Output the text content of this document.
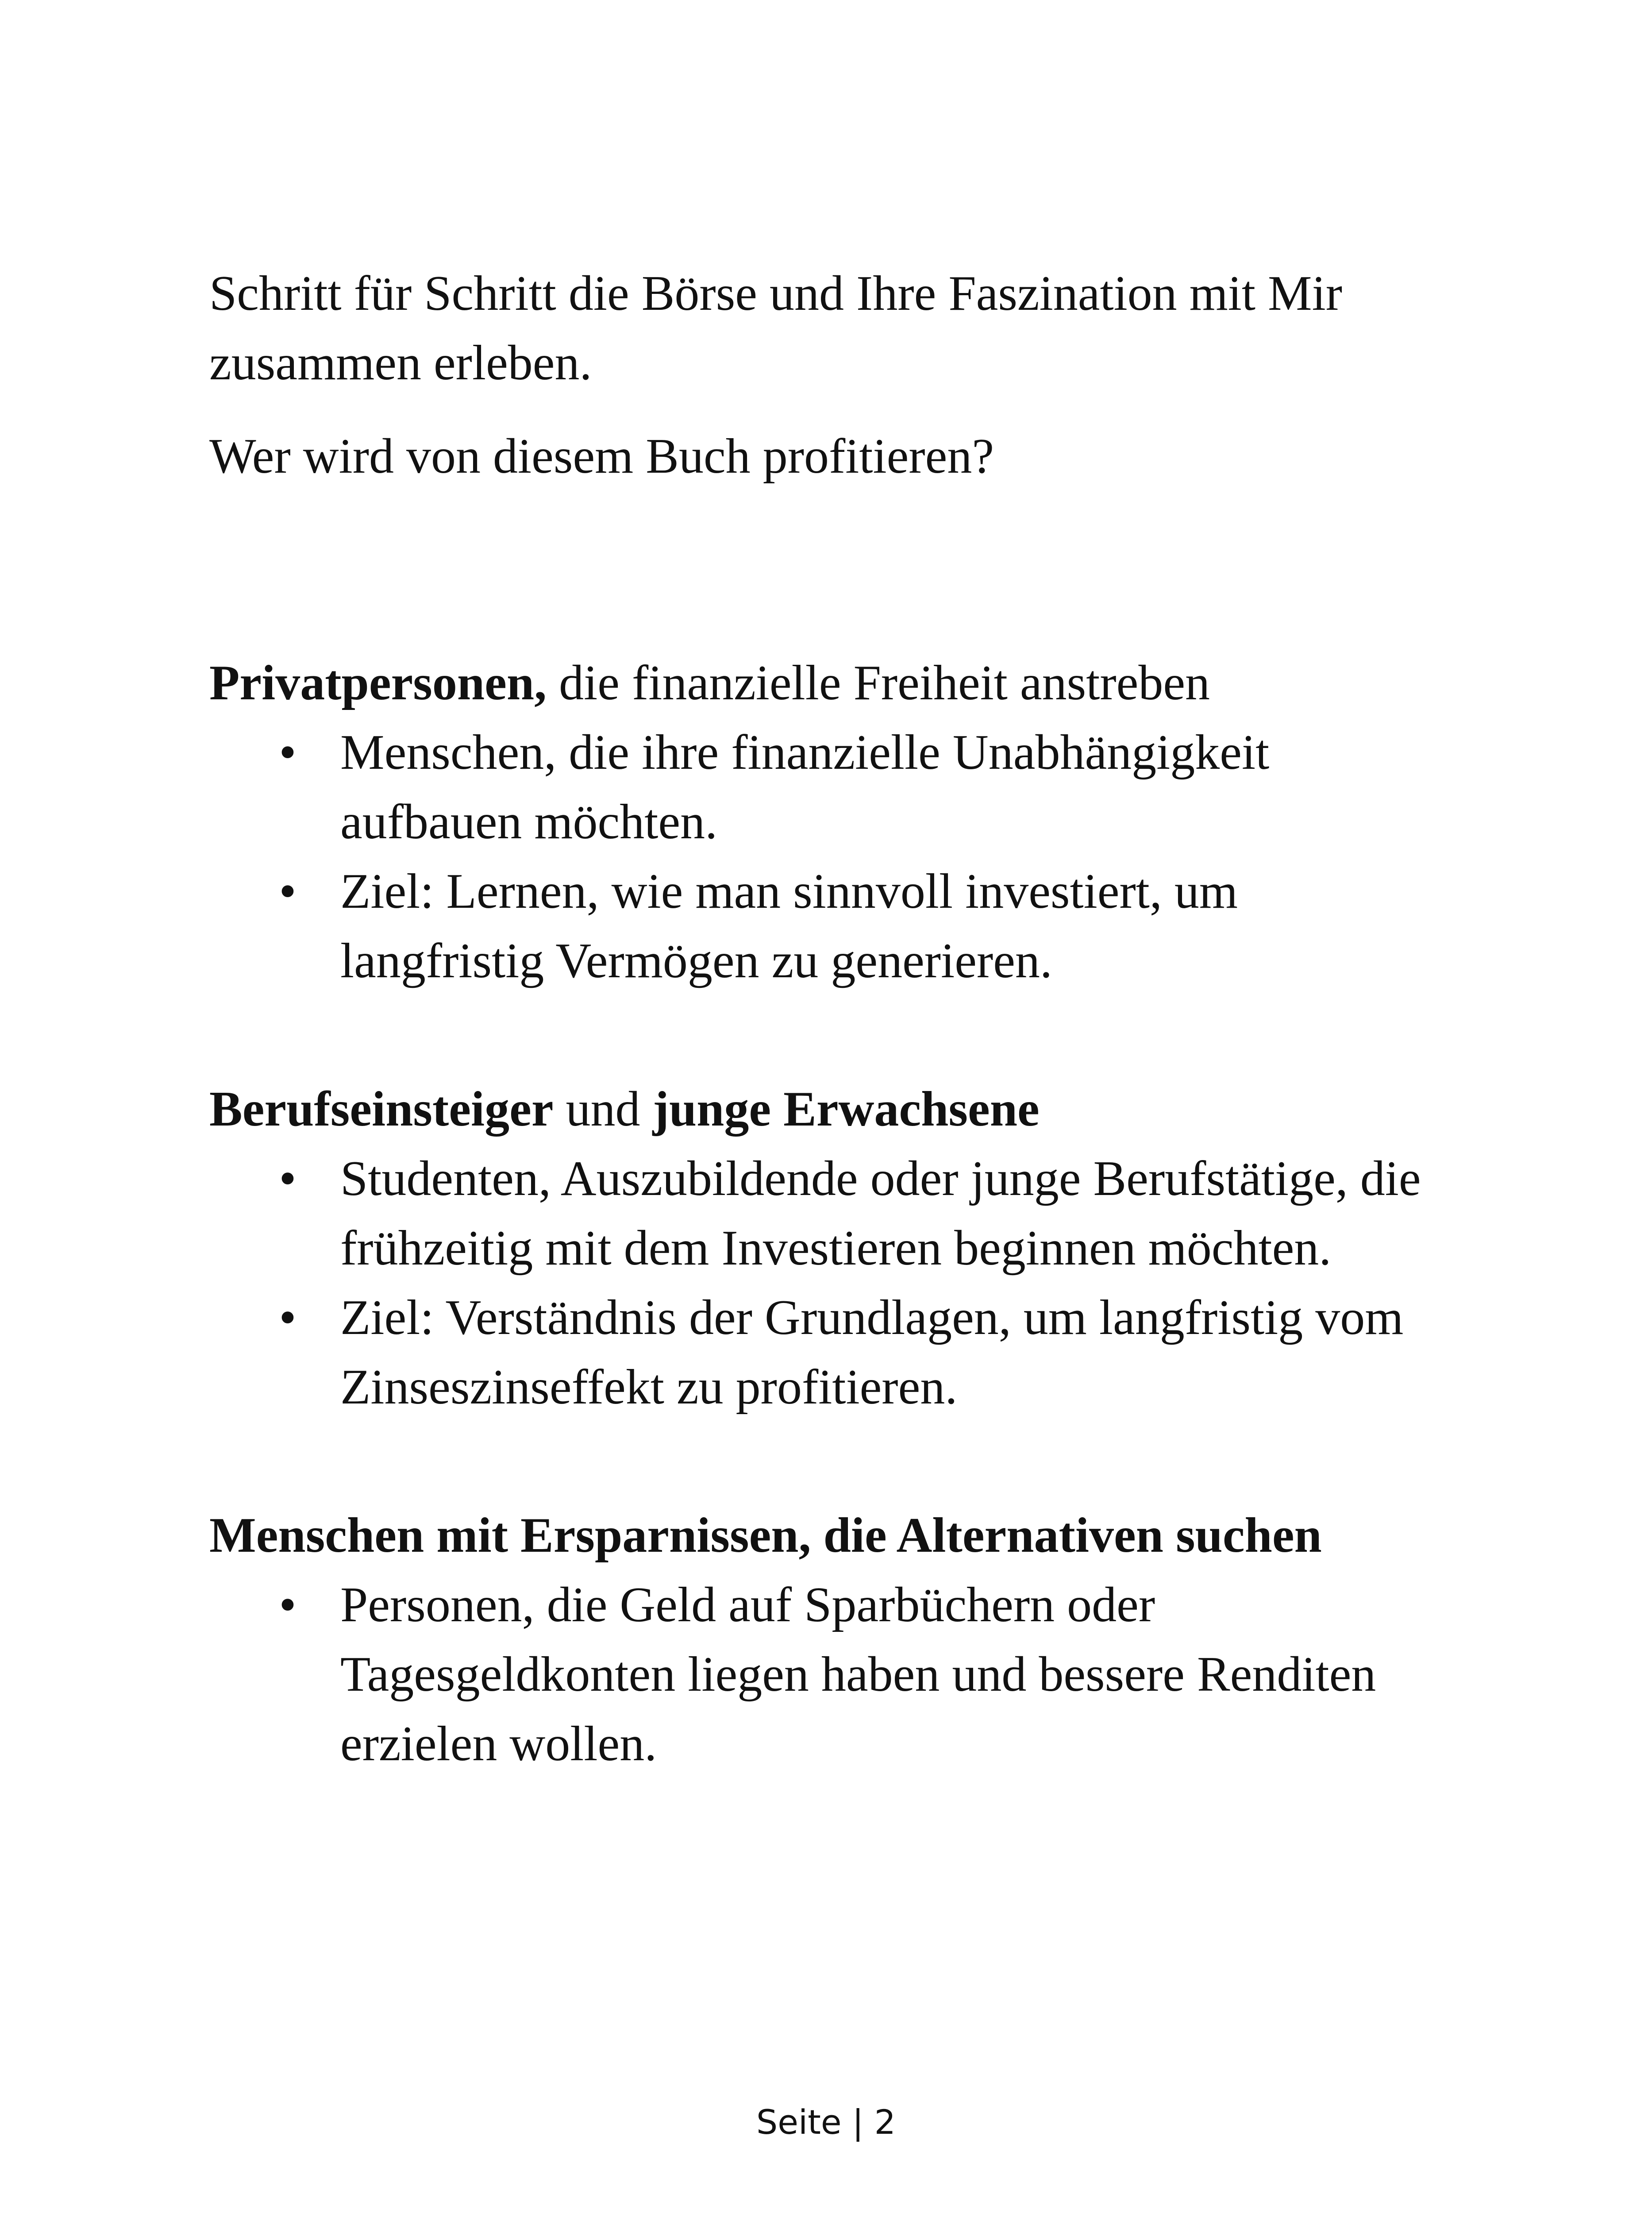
Schritt für Schritt die Börse und Ihre Faszination mit Mir zusammen erleben.

Wer wird von diesem Buch profitieren?

Privatpersonen, die finanzielle Freiheit anstreben

• Menschen, die ihre finanzielle Unabhängigkeit aufbauen möchten.
• Ziel: Lernen, wie man sinnvoll investiert, um langfristig Vermögen zu generieren.

Berufseinsteiger und junge Erwachsene

• Studenten, Auszubildende oder junge Berufstätige, die frühzeitig mit dem Investieren beginnen möchten.
• Ziel: Verständnis der Grundlagen, um langfristig vom Zinseszinseffekt zu profitieren.

Menschen mit Ersparnissen, die Alternativen suchen

• Personen, die Geld auf Sparbüchern oder Tagesgeldkonten liegen haben und bessere Renditen erzielen wollen.
Seite | 2
